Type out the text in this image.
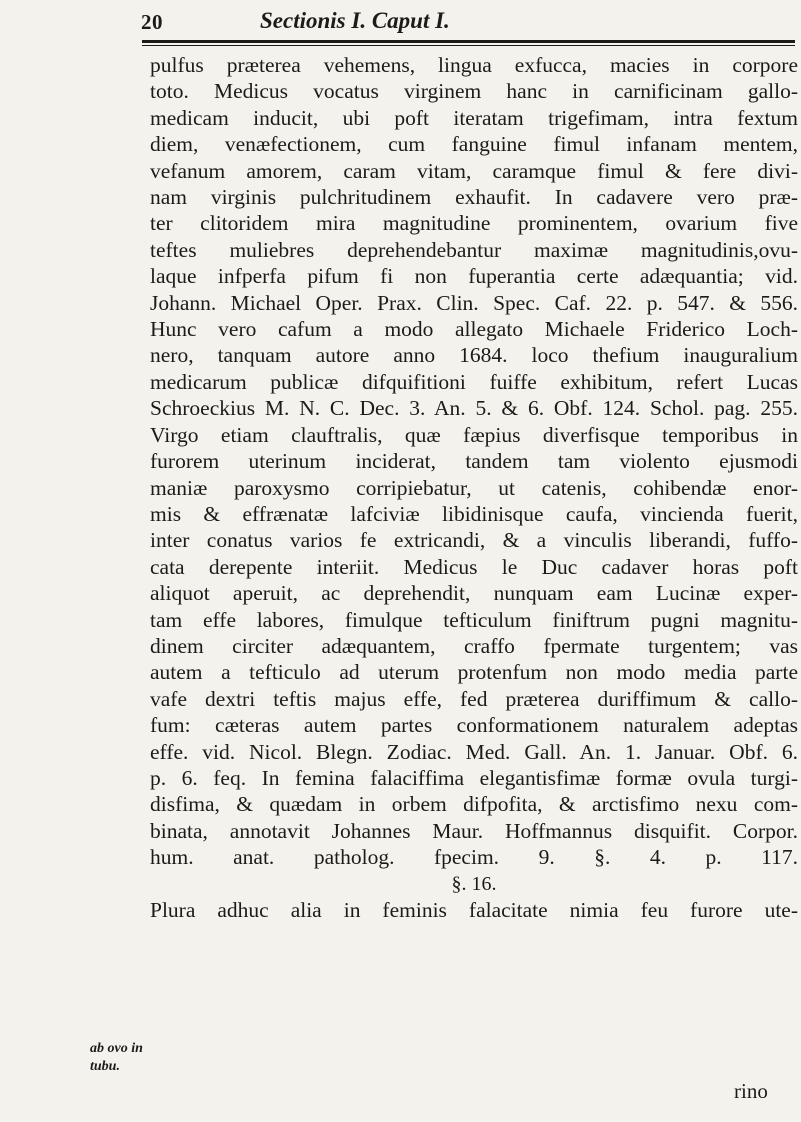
20	Sectionis I. Caput I.
pulfus præterea vehemens, lingua exfucca, macies in corpore
toto. Medicus vocatus virginem hanc in carnificinam gallo-
medicam inducit, ubi poft iteratam trigefimam, intra fextum
diem, venæfectionem, cum fanguine fimul infanam mentem,
vefanum amorem, caram vitam, caramque fimul & fere divi-
nam virginis pulchritudinem exhaufit. In cadavere vero præ-
ter clitoridem mira magnitudine prominentem, ovarium five
teftes muliebres deprehendebantur maximæ magnitudinis,ovu-
laque infperfa pifum fi non fuperantia certe adæquantia; vid.
Johann. Michael Oper. Prax. Clin. Spec. Caf. 22. p. 547. & 556.
Hunc vero cafum a modo allegato Michaele Friderico Loch-
nero, tanquam autore anno 1684. loco thefium inauguralium
medicarum publicæ difquifitioni fuiffe exhibitum, refert Lucas
Schroeckius M. N. C. Dec. 3. An. 5. & 6. Obf. 124. Schol. pag. 255.
Virgo etiam clauftralis, quæ fæpius diverfisque temporibus in
furorem uterinum inciderat, tandem tam violento ejusmodi
maniæ paroxysmo corripiebatur, ut catenis, cohibendæ enor-
mis & effrænatæ lafciviæ libidinisque caufa, vincienda fuerit,
inter conatus varios fe extricandi, & a vinculis liberandi, fuffo-
cata derepente interiit. Medicus le Duc cadaver horas poft
aliquot aperuit, ac deprehendit, nunquam eam Lucinæ exper-
tam effe labores, fimulque tefticulum finiftrum pugni magnitu-
dinem circiter adæquantem, craffo fpermate turgentem; vas
autem a tefticulo ad uterum protenfum non modo media parte
vafe dextri teftis majus effe, fed præterea duriffimum & callo-
fum: cæteras autem partes conformationem naturalem adeptas
effe. vid. Nicol. Blegn. Zodiac. Med. Gall. An. 1. Januar. Obf. 6.
p. 6. feq. In femina falaciffima elegantisfimæ formæ ovula turgi-
disfima, & quædam in orbem difpofita, & arctisfimo nexu com-
binata, annotavit Johannes Maur. Hoffmannus disquifit. Corpor.
hum. anat. patholog. fpecim. 9. §. 4. p. 117.
§. 16.
Plura adhuc alia in feminis falacitate nimia feu furore ute-
ab ovo in tubu.
rino
